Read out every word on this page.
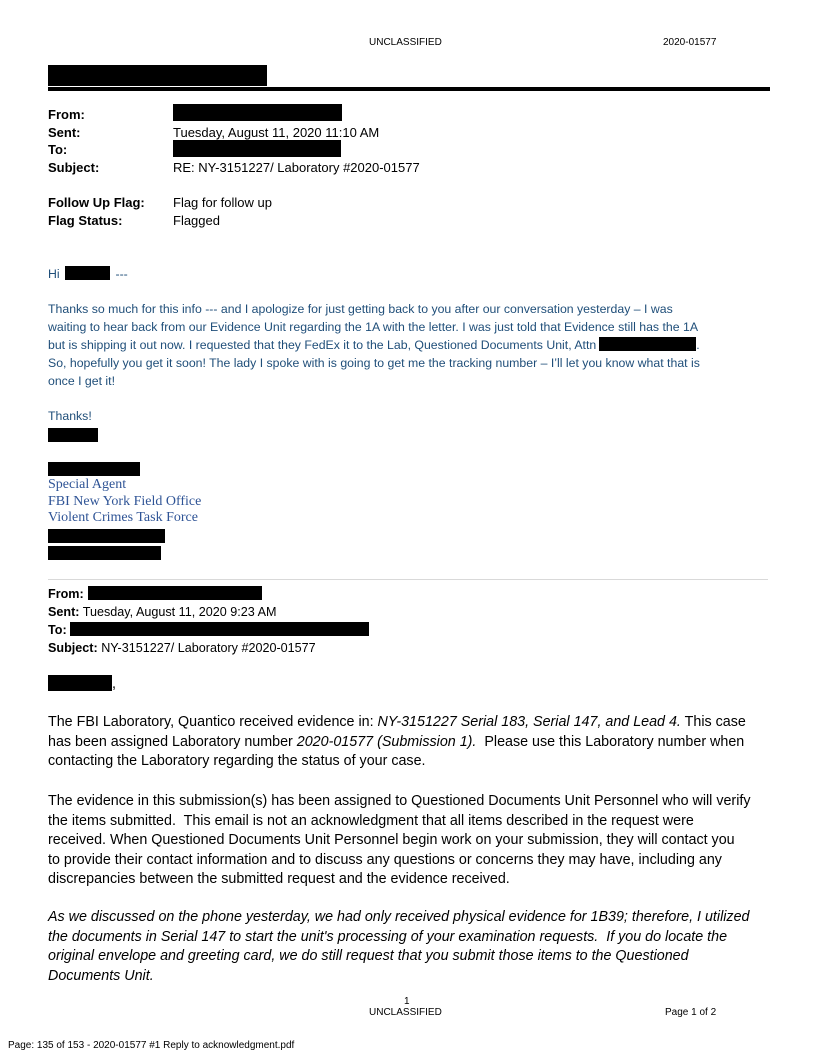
UNCLASSIFIED	2020-01577
From:
Sent:	Tuesday, August 11, 2020 11:10 AM
To:
Subject:	RE: NY-3151227/ Laboratory #2020-01577
Follow Up Flag: Flag for follow up
Flag Status:	Flagged
Hi	---
Thanks so much for this info --- and I apologize for just getting back to you after our conversation yesterday – I was
waiting to hear back from our Evidence Unit regarding the 1A with the letter. I was just told that Evidence still has the 1A
but is shipping it out now. I requested that they FedEx it to the Lab, Questioned Documents Unit, Attn	.
So, hopefully you get it soon! The lady I spoke with is going to get me the tracking number – I’ll let you know what that is
once I get it!
Thanks!
Special Agent
FBI New York Field Office
Violent Crimes Task Force
From:
Sent: Tuesday, August 11, 2020 9:23 AM
To:
Subject: NY-3151227/ Laboratory #2020-01577
,
The FBI Laboratory, Quantico received evidence in: NY-3151227 Serial 183, Serial 147, and Lead 4. This case
has been assigned Laboratory number 2020-01577 (Submission 1).  Please use this Laboratory number when
contacting the Laboratory regarding the status of your case.
The evidence in this submission(s) has been assigned to Questioned Documents Unit Personnel who will verify
the items submitted.  This email is not an acknowledgment that all items described in the request were
received. When Questioned Documents Unit Personnel begin work on your submission, they will contact you
to provide their contact information and to discuss any questions or concerns they may have, including any
discrepancies between the submitted request and the evidence received.
As we discussed on the phone yesterday, we had only received physical evidence for 1B39; therefore, I utilized
the documents in Serial 147 to start the unit's processing of your examination requests.  If you do locate the
original envelope and greeting card, we do still request that you submit those items to the Questioned
Documents Unit.
1
UNCLASSIFIED	Page 1 of 2
Page: 135 of 153 - 2020-01577 #1 Reply to acknowledgment.pdf
